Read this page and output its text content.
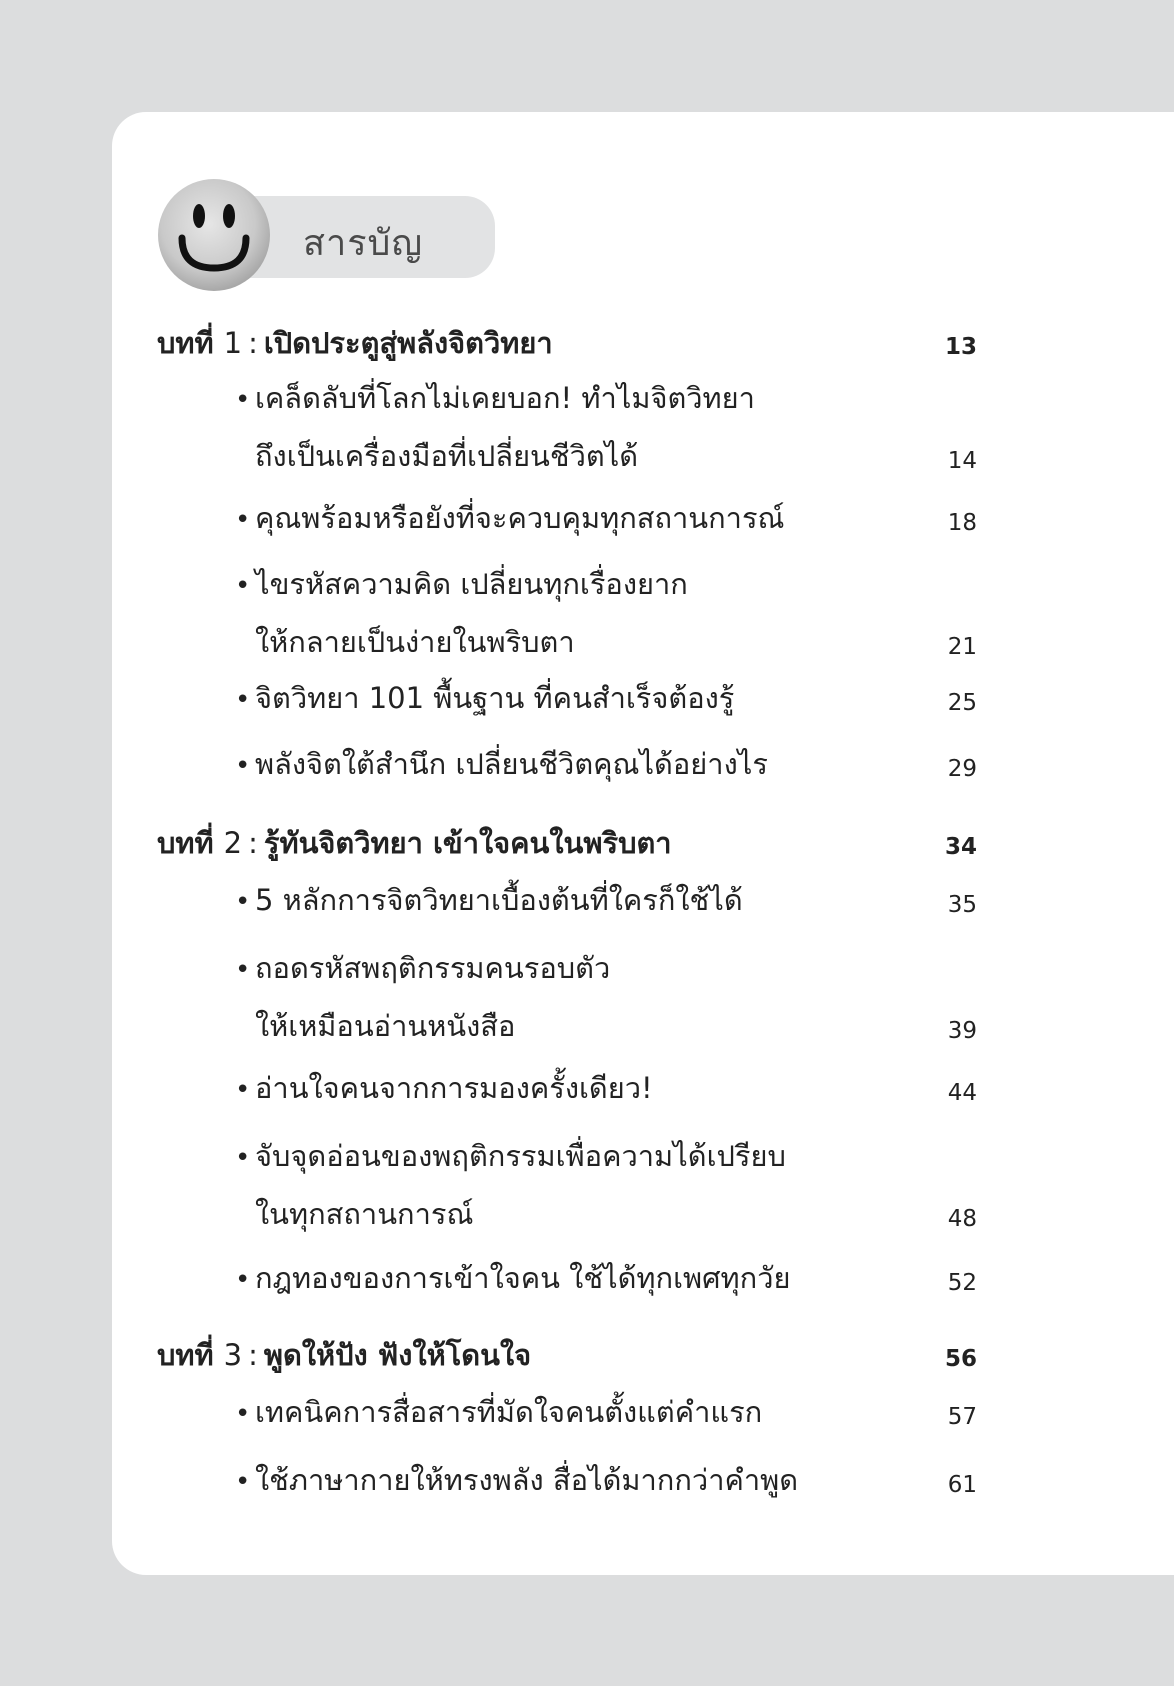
สารบัญ
บทที่ 1 : เปิดประตูสู่พลังจิตวิทยา	13
• เคล็ดลับที่โลกไม่เคยบอก! ทำไมจิตวิทยา
ถึงเป็นเครื่องมือที่เปลี่ยนชีวิตได้	14
• คุณพร้อมหรือยังที่จะควบคุมทุกสถานการณ์	18
• ไขรหัสความคิด เปลี่ยนทุกเรื่องยาก
ให้กลายเป็นง่ายในพริบตา	21
• จิตวิทยา 101 พื้นฐาน ที่คนสำเร็จต้องรู้	25
• พลังจิตใต้สำนึก เปลี่ยนชีวิตคุณได้อย่างไร	29
บทที่ 2 : รู้ทันจิตวิทยา เข้าใจคนในพริบตา	34
• 5 หลักการจิตวิทยาเบื้องต้นที่ใครก็ใช้ได้	35
• ถอดรหัสพฤติกรรมคนรอบตัว
ให้เหมือนอ่านหนังสือ	39
• อ่านใจคนจากการมองครั้งเดียว!	44
• จับจุดอ่อนของพฤติกรรมเพื่อความได้เปรียบ
ในทุกสถานการณ์	48
• กฎทองของการเข้าใจคน ใช้ได้ทุกเพศทุกวัย	52
บทที่ 3 : พูดให้ปัง ฟังให้โดนใจ	56
• เทคนิคการสื่อสารที่มัดใจคนตั้งแต่คำแรก	57
• ใช้ภาษากายให้ทรงพลัง สื่อได้มากกว่าคำพูด	61
